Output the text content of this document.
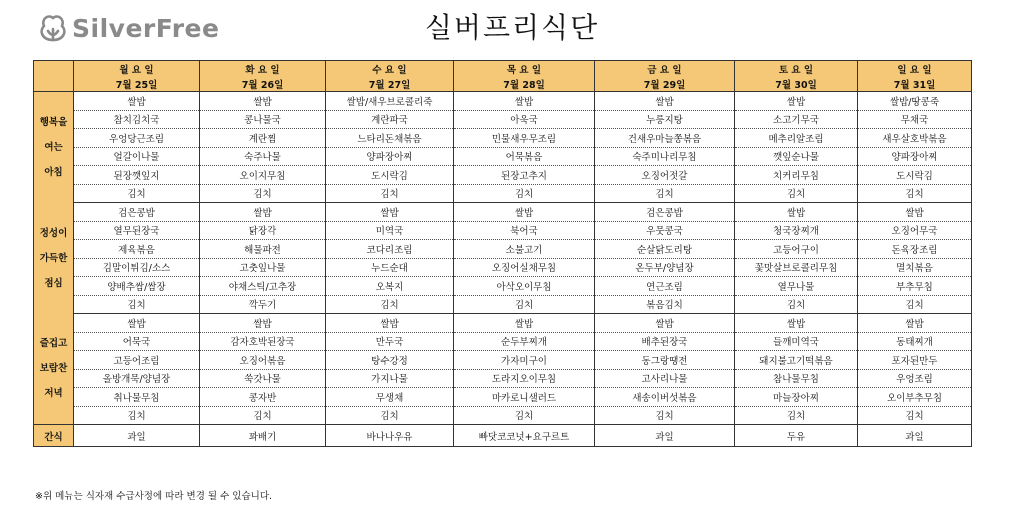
SilverFree	실버프리식단
	월 요 일	화 요 일	수 요 일	목 요 일	금 요 일	토 요 일	일 요 일
	7월 25일	7월 26일	7월 27일	7월 28일	7월 29일	7월 30일	7월 31일

행복을
여는
아침	쌀밥	쌀밥	쌀밥/새우브로콜리죽	쌀밥	쌀밥	쌀밥	쌀밥/땅콩죽
	참치김치국	콩나물국	계란파국	아욱국	누룽지탕	소고기무국	무채국
	우엉당근조림	계란찜	느타리돈채볶음	민물새우무조림	건새우마늘쫑볶음	메추리알조림	새우살호박볶음
	얼갈이나물	숙주나물	양파장아찌	어묵볶음	숙주미나리무침	깻잎순나물	양파장아찌
	된장깻잎지	오이지무침	도시락김	된장고추지	오징어젓갈	치커리무침	도시락김
	김치	김치	김치	김치	김치	김치	김치

정성이
가득한
점심	검은콩밥	쌀밥	쌀밥	쌀밥	검은콩밥	쌀밥	쌀밥
	열무된장국	닭장각	미역국	북어국	우뭇콩국	청국장찌개	오징어무국
	제육볶음	해물파전	코다리조림	소불고기	순살닭도리탕	고등어구이	돈육장조림
	김말이튀김/소스	고춧잎나물	누드순대	오징어실채무침	온두부/양념장	꽃맛살브로콜리무침	멸치볶음
	양배추쌈/쌈장	야채스틱/고추장	오복지	아삭오이무침	연근조림	열무나물	부추무침
	김치	깍두기	김치	김치	볶음김치	김치	김치

즐겁고
보람찬
저녁	쌀밥	쌀밥	쌀밥	쌀밥	쌀밥	쌀밥	쌀밥
	어묵국	감자호박된장국	만두국	순두부찌개	배추된장국	들깨미역국	동태찌개
	고등어조림	오징어볶음	탕수강정	가자미구이	동그랑땡전	돼지불고기떡볶음	포자된만두
	올방개묵/양념장	쑥갓나물	가지나물	도라지오이무침	고사리나물	참나물무침	우엉조림
	취나물무침	콩자반	무생채	마카로니샐러드	새송이버섯볶음	마늘장아찌	오이부추무침
	김치	김치	김치	김치	김치	김치	김치
간식	과일	꽈배기	바나나우유	빠닷코코넛+요구르트	과일	두유	과일
※위 메뉴는 식자재 수급사정에 따라 변경 될 수 있습니다.
